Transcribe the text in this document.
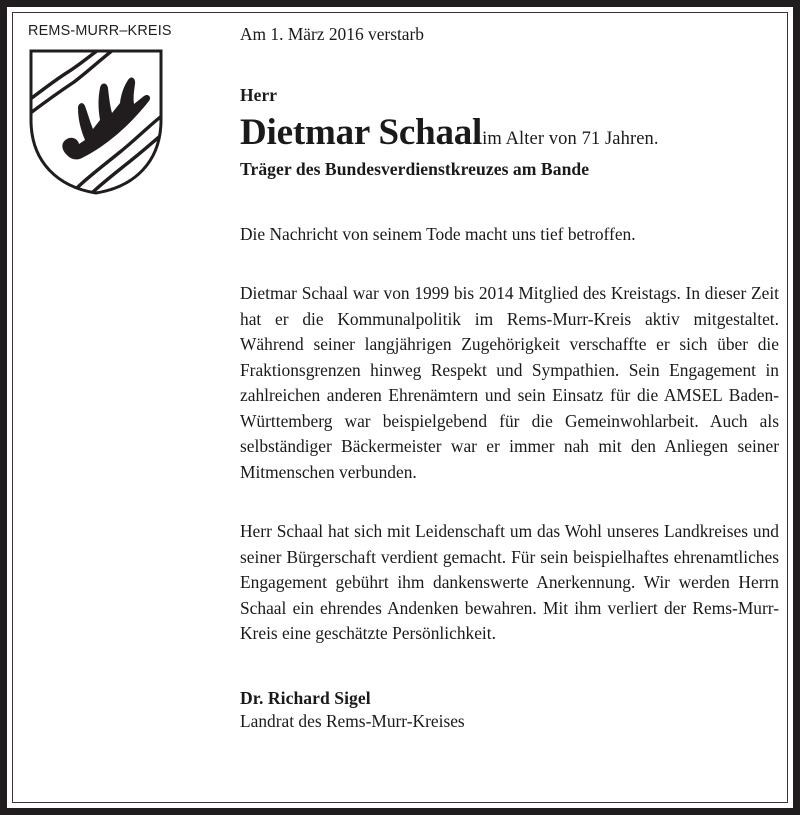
REMS-MURR–KREIS	Am 1. März 2016 verstarb

Herr

Dietmar Schaalim Alter von 71 Jahren.

Träger des Bundesverdienstkreuzes am Bande

Die Nachricht von seinem Tode macht uns tief betroffen.

Dietmar Schaal war von 1999 bis 2014 Mitglied des Kreistags. In dieser Zeit hat er die Kommunalpolitik im Rems-Murr-Kreis aktiv mitgestaltet. Während seiner langjährigen Zugehörigkeit verschaffte er sich über die Fraktionsgrenzen hinweg Respekt und Sympathien. Sein Engagement in zahlreichen anderen Ehrenämtern und sein Einsatz für die AMSEL Baden-Württemberg war beispielgebend für die Gemeinwohlarbeit. Auch als selbständiger Bäckermeister war er immer nah mit den Anliegen seiner Mitmenschen verbunden.

Herr Schaal hat sich mit Leidenschaft um das Wohl unseres Landkreises und seiner Bürgerschaft verdient gemacht. Für sein beispielhaftes ehrenamtliches Engagement gebührt ihm dankenswerte Anerkennung. Wir werden Herrn Schaal ein ehrendes Andenken bewahren. Mit ihm verliert der Rems-Murr-Kreis eine geschätzte Persönlichkeit.

Dr. Richard Sigel
Landrat des Rems-Murr-Kreises
